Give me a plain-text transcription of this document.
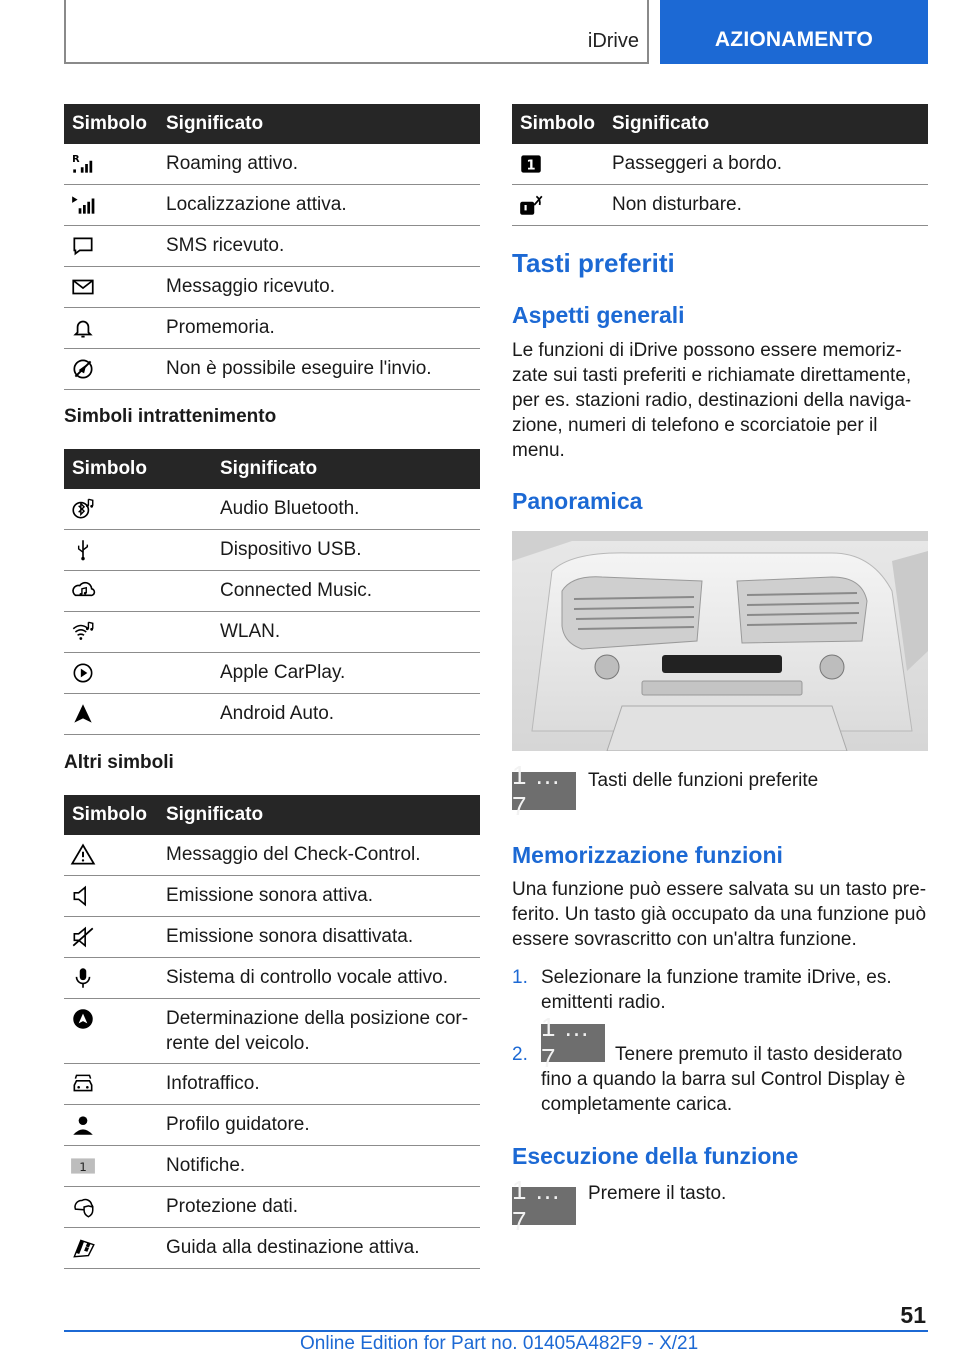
iDrive	AZIONAMENTO
Simbolo	Significato
R	Roaming attivo.
Localizzazione attiva.
SMS ricevuto.
Messaggio ricevuto.
Promemoria.
Non è possibile eseguire l'invio.
Simboli intrattenimento
Simbolo	Significato
Audio Bluetooth.
Dispositivo USB.
Connected Music.
WLAN.
Apple CarPlay.
Android Auto.
Altri simboli
Simbolo	Significato
Messaggio del Check-Control.
Emissione sonora attiva.
Emissione sonora disattivata.
Sistema di controllo vocale attivo.
Determinazione della posizione cor-
rente del veicolo.
Infotraffico.
Profilo guidatore.
1	Notifiche.
Protezione dati.
Guida alla destinazione attiva.
Simbolo Significato
1	Passeggeri a bordo.
Non disturbare.
Tasti preferiti
Aspetti generali
Le funzioni di iDrive possono essere memoriz-
zate sui tasti preferiti e richiamate direttamente,
per es. stazioni radio, destinazioni della naviga-
zione, numeri di telefono e scorciatoie per il
menu.
Panoramica
1 ... 7
Tasti delle funzioni preferite
Memorizzazione funzioni
Una funzione può essere salvata su un tasto pre-
ferito. Un tasto già occupato da una funzione può
essere sovrascritto con un'altra funzione.
1. Selezionare la funzione tramite iDrive, es.
emittenti radio.
2.
1 ... 7	Tenere premuto il tasto desiderato
fino a quando la barra sul Control Display è
completamente carica.
Esecuzione della funzione
1 ... 7
Premere il tasto.
51
Online Edition for Part no. 01405A482F9 - X/21
